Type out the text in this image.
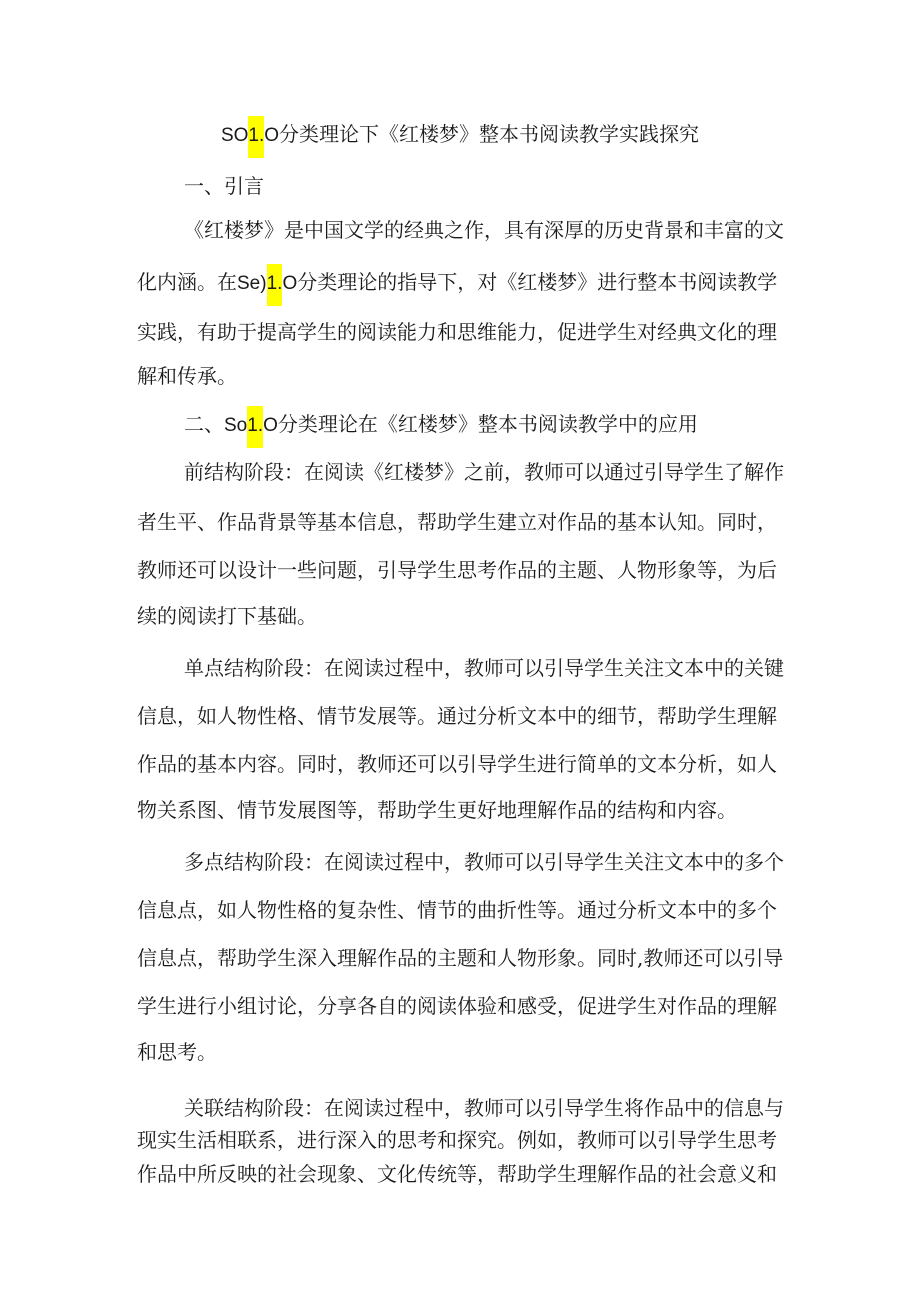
SO1.O分类理论下《红楼梦》整本书阅读教学实践探究
一、引言
《红楼梦》是中国文学的经典之作，具有深厚的历史背景和丰富的文
化内涵。在Se)1.O分类理论的指导下，对《红楼梦》进行整本书阅读教学
实践，有助于提高学生的阅读能力和思维能力，促进学生对经典文化的理
解和传承。
二、So1.O分类理论在《红楼梦》整本书阅读教学中的应用
前结构阶段：在阅读《红楼梦》之前，教师可以通过引导学生了解作
者生平、作品背景等基本信息，帮助学生建立对作品的基本认知。同时，
教师还可以设计一些问题，引导学生思考作品的主题、人物形象等，为后
续的阅读打下基础。
单点结构阶段：在阅读过程中，教师可以引导学生关注文本中的关键
信息，如人物性格、情节发展等。通过分析文本中的细节，帮助学生理解
作品的基本内容。同时，教师还可以引导学生进行简单的文本分析，如人
物关系图、情节发展图等，帮助学生更好地理解作品的结构和内容。
多点结构阶段：在阅读过程中，教师可以引导学生关注文本中的多个
信息点，如人物性格的复杂性、情节的曲折性等。通过分析文本中的多个
信息点，帮助学生深入理解作品的主题和人物形象。同时,教师还可以引导
学生进行小组讨论，分享各自的阅读体验和感受，促进学生对作品的理解
和思考。
关联结构阶段：在阅读过程中，教师可以引导学生将作品中的信息与
现实生活相联系，进行深入的思考和探究。例如，教师可以引导学生思考
作品中所反映的社会现象、文化传统等，帮助学生理解作品的社会意义和
